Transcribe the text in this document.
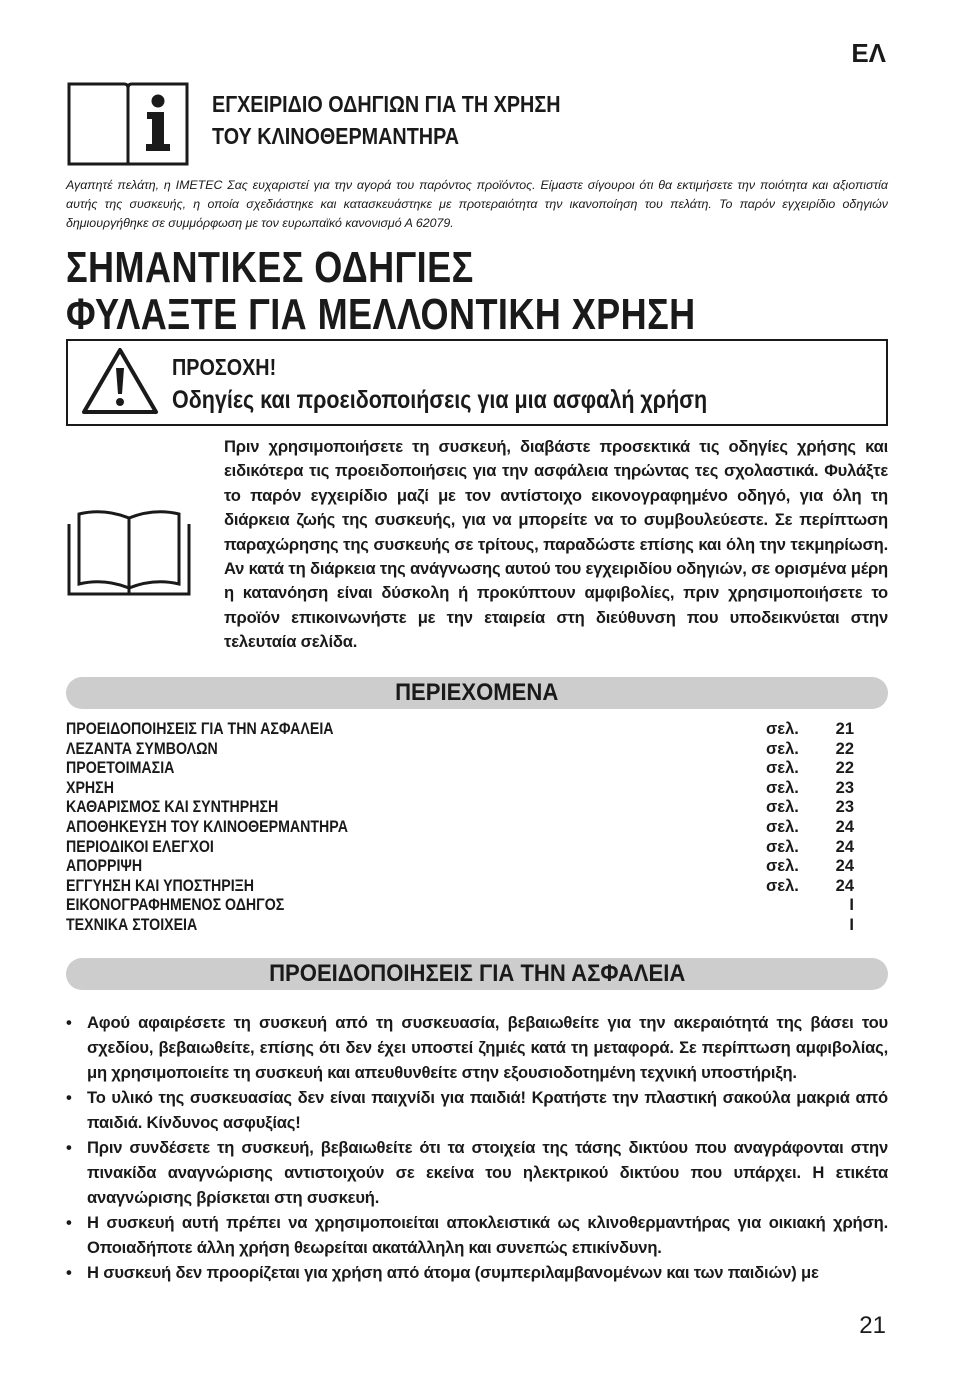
ΕΛ
ΕΓΧΕΙΡΙΔΙΟ ΟΔΗΓΙΩΝ ΓΙΑ ΤΗ ΧΡΗΣΗ
ΤΟΥ ΚΛΙΝΟΘΕΡΜΑΝΤΗΡΑ
Αγαπητέ πελάτη, η IMETEC Σας ευχαριστεί για την αγορά του παρόντος προϊόντος. Είμαστε σίγουροι ότι θα εκτιμήσετε την ποιότητα και αξιοπιστία αυτής της συσκευής, η οποία σχεδιάστηκε και κατασκευάστηκε με προτεραιότητα την ικανοποίηση του πελάτη. Το παρόν εγχειρίδιο οδηγιών δημιουργήθηκε σε συμμόρφωση με τον ευρωπαϊκό κανονισμό Α 62079.
ΣΗΜΑΝΤΙΚΕΣ ΟΔΗΓΙΕΣ
ΦΥΛΑΞΤΕ ΓΙΑ ΜΕΛΛΟΝΤΙΚΗ ΧΡΗΣΗ
ΠΡΟΣΟΧΗ!
Οδηγίες και προειδοποιήσεις για μια ασφαλή χρήση
Πριν χρησιμοποιήσετε τη συσκευή, διαβάστε προσεκτικά τις οδηγίες χρήσης και ειδικότερα τις προειδοποιήσεις για την ασφάλεια τηρώντας τες σχολαστικά. Φυλάξτε το παρόν εγχειρίδιο μαζί με τον αντίστοιχο εικονογραφημένο οδηγό, για όλη τη διάρκεια ζωής της συσκευής, για να μπορείτε να το συμβουλεύεστε. Σε περίπτωση παραχώρησης της συσκευής σε τρίτους, παραδώστε επίσης και όλη την τεκμηρίωση. Αν κατά τη διάρκεια της ανάγνωσης αυτού του εγχειριδίου οδηγιών, σε ορισμένα μέρη η κατανόηση είναι δύσκολη ή προκύπτουν αμφιβολίες, πριν χρησιμοποιήσετε το προϊόν επικοινωνήστε με την εταιρεία στη διεύθυνση που υποδεικνύεται στην τελευταία σελίδα.
ΠΕΡΙΕΧΟΜΕΝΑ
ΠΡΟΕΙΔΟΠΟΙΗΣΕΙΣ ΓΙΑ ΤΗΝ ΑΣΦΑΛΕΙΑ	σελ. 21
ΛΕΖΑΝΤΑ ΣΥΜΒΟΛΩΝ	σελ. 22
ΠΡΟΕΤΟΙΜΑΣΙΑ	σελ. 22
ΧΡΗΣΗ	σελ. 23
ΚΑΘΑΡΙΣΜΟΣ ΚΑΙ ΣΥΝΤΗΡΗΣΗ	σελ. 23
ΑΠΟΘΗΚΕΥΣΗ ΤΟΥ ΚΛΙΝΟΘΕΡΜΑΝΤΗΡΑ	σελ. 24
ΠΕΡΙΟΔΙΚΟΙ ΕΛΕΓΧΟΙ	σελ. 24
ΑΠΟΡΡΙΨΗ	σελ. 24
ΕΓΓΥΗΣΗ ΚΑΙ ΥΠΟΣΤΗΡΙΞΗ	σελ. 24
ΕΙΚΟΝΟΓΡΑΦΗΜΕΝΟΣ ΟΔΗΓΟΣ	I
ΤΕΧΝΙΚΑ ΣΤΟΙΧΕΙΑ	I
ΠΡΟΕΙΔΟΠΟΙΗΣΕΙΣ ΓΙΑ ΤΗΝ ΑΣΦΑΛΕΙΑ
• Αφού αφαιρέσετε τη συσκευή από τη συσκευασία, βεβαιωθείτε για την ακεραιότητά της βάσει του σχεδίου, βεβαιωθείτε, επίσης ότι δεν έχει υποστεί ζημιές κατά τη μεταφορά. Σε περίπτωση αμφιβολίας, μη χρησιμοποιείτε τη συσκευή και απευθυνθείτε στην εξουσιοδοτημένη τεχνική υποστήριξη.
• Το υλικό της συσκευασίας δεν είναι παιχνίδι για παιδιά! Κρατήστε την πλαστική σακούλα μακριά από παιδιά. Κίνδυνος ασφυξίας!
• Πριν συνδέσετε τη συσκευή, βεβαιωθείτε ότι τα στοιχεία της τάσης δικτύου που αναγράφονται στην πινακίδα αναγνώρισης αντιστοιχούν σε εκείνα του ηλεκτρικού δικτύου που υπάρχει. Η ετικέτα αναγνώρισης βρίσκεται στη συσκευή.
• Η συσκευή αυτή πρέπει να χρησιμοποιείται αποκλειστικά ως κλινοθερμαντήρας για οικιακή χρήση. Οποιαδήποτε άλλη χρήση θεωρείται ακατάλληλη και συνεπώς επικίνδυνη.
• Η συσκευή δεν προορίζεται για χρήση από άτομα (συμπεριλαμβανομένων και των παιδιών) με
21
